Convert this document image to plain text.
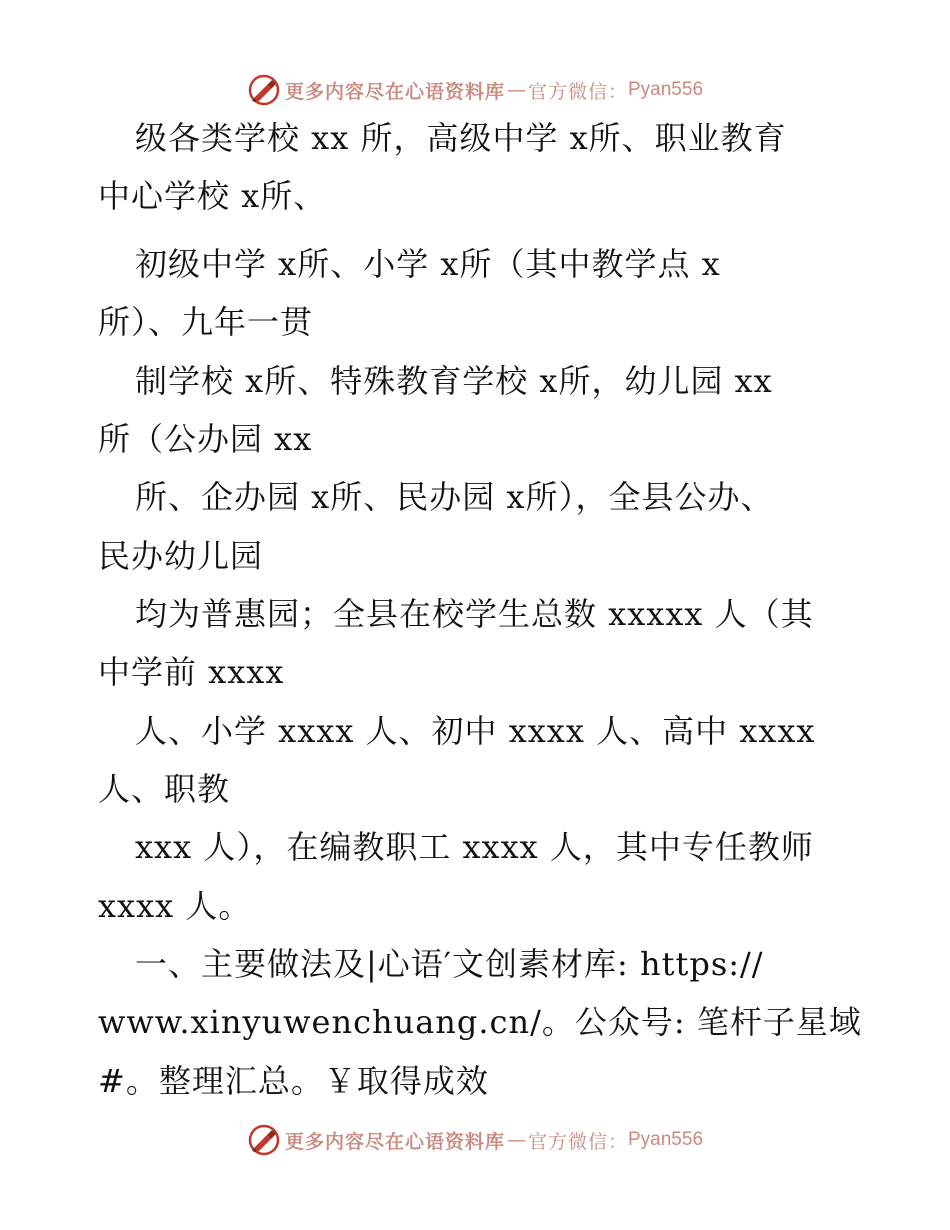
更多内容尽在心语资料库 — 官方微信： Pyan556
级各类学校 xx 所，高级中学 x所、职业教育
中心学校 x所、
初级中学 x所、小学 x所（其中教学点 x
所）、九年一贯
制学校 x所、特殊教育学校 x所，幼儿园 xx
所（公办园 xx
所、企办园 x所、民办园 x所），全县公办、
民办幼儿园
均为普惠园；全县在校学生总数 xxxxx 人（其
中学前 xxxx
人、小学 xxxx 人、初中 xxxx 人、高中 xxxx
人、职教
xxx 人），在编教职工 xxxx 人，其中专任教师
xxxx 人。
一、主要做法及|心语′文创素材库: https://
www.xinyuwenchuang.cn/。公众号: 笔杆子星域
#。整理汇总。￥取得成效
更多内容尽在心语资料库 — 官方微信： Pyan556
